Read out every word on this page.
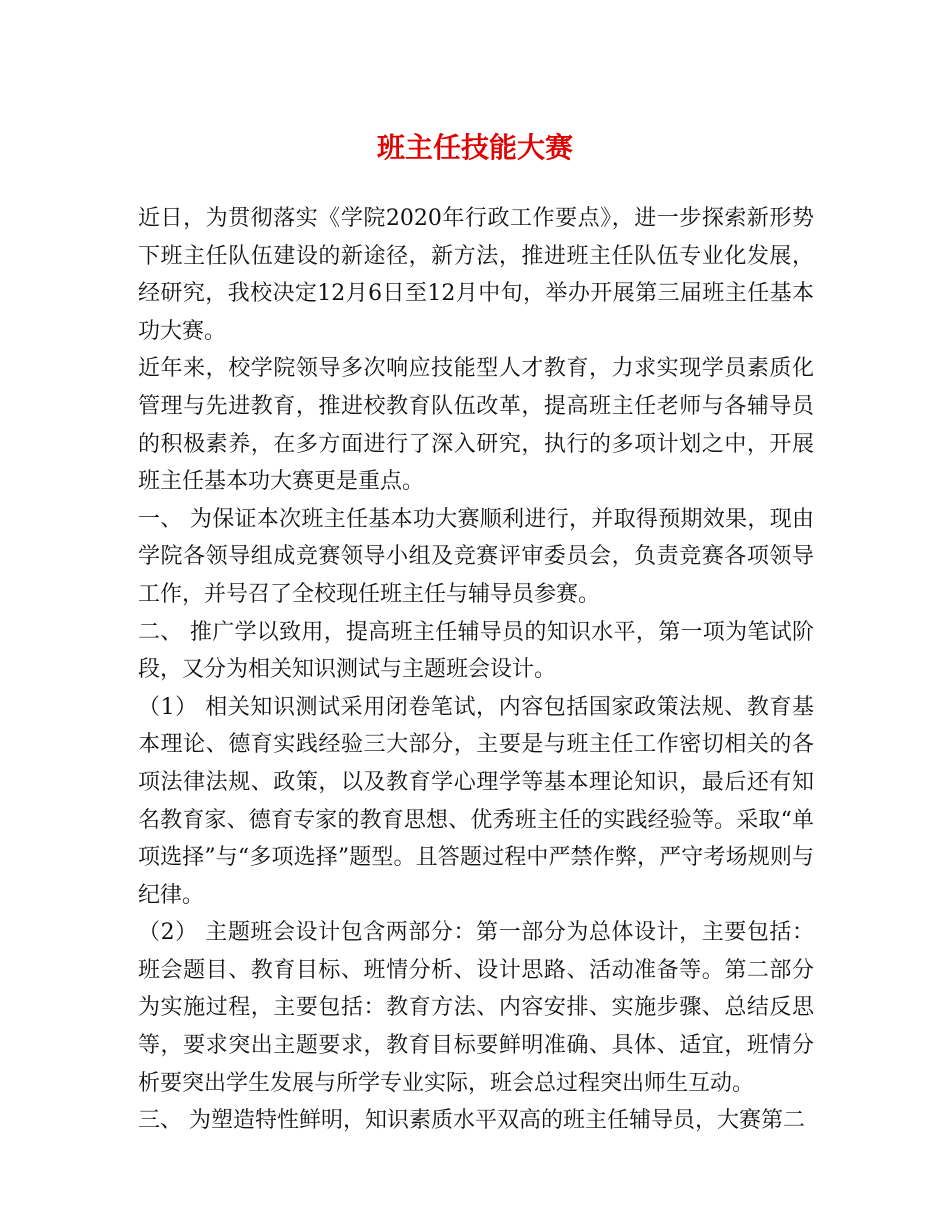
班主任技能大赛

近日，为贯彻落实《学院2020年行政工作要点》，进一步探索新形势下班主任队伍建设的新途径，新方法，推进班主任队伍专业化发展，经研究，我校决定12月6日至12月中旬，举办开展第三届班主任基本功大赛。

近年来，校学院领导多次响应技能型人才教育，力求实现学员素质化管理与先进教育，推进校教育队伍改革，提高班主任老师与各辅导员的积极素养，在多方面进行了深入研究，执行的多项计划之中，开展班主任基本功大赛更是重点。

一、 为保证本次班主任基本功大赛顺利进行，并取得预期效果，现由学院各领导组成竞赛领导小组及竞赛评审委员会，负责竞赛各项领导工作，并号召了全校现任班主任与辅导员参赛。

二、 推广学以致用，提高班主任辅导员的知识水平，第一项为笔试阶段，又分为相关知识测试与主题班会设计。

（1） 相关知识测试采用闭卷笔试，内容包括国家政策法规、教育基本理论、德育实践经验三大部分，主要是与班主任工作密切相关的各项法律法规、政策，以及教育学心理学等基本理论知识，最后还有知名教育家、德育专家的教育思想、优秀班主任的实践经验等。采取“单项选择”与“多项选择”题型。且答题过程中严禁作弊，严守考场规则与纪律。

（2） 主题班会设计包含两部分：第一部分为总体设计，主要包括：班会题目、教育目标、班情分析、设计思路、活动准备等。第二部分为实施过程，主要包括：教育方法、内容安排、实施步骤、总结反思等，要求突出主题要求，教育目标要鲜明准确、具体、适宜，班情分析要突出学生发展与所学专业实际，班会总过程突出师生互动。

三、 为塑造特性鲜明，知识素质水平双高的班主任辅导员，大赛第二
